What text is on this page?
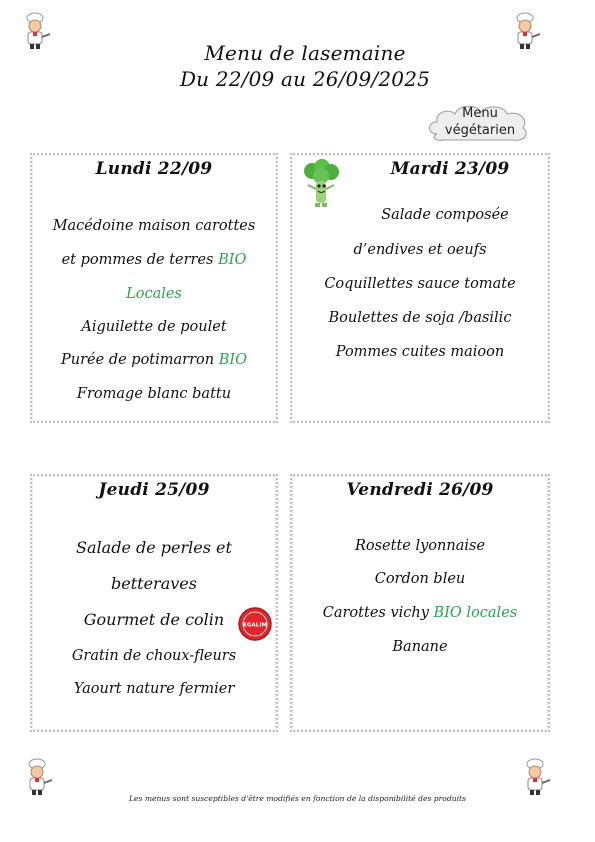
Menu de lasemaine
Du 22/09 au 26/09/2025
Menu
végétarien
Lundi 22/09
Macédoine maison carottes
et pommes de terres BIO
Locales
Aiguilette de poulet
Purée de potimarron BIO
Fromage blanc battu
Mardi 23/09
Salade composée
d’endives et oeufs
Coquillettes sauce tomate
Boulettes de soja /basilic
Pommes cuites maioon
Jeudi 25/09
Salade de perles et
betteraves
Gourmet de colin	EGALIM
Gratin de choux-fleurs
Yaourt nature fermier
Vendredi 26/09
Rosette lyonnaise
Cordon bleu
Carottes vichy BIO locales
Banane
Les menus sont susceptibles d'être modifiés en fonction de la disponibilité des produits
